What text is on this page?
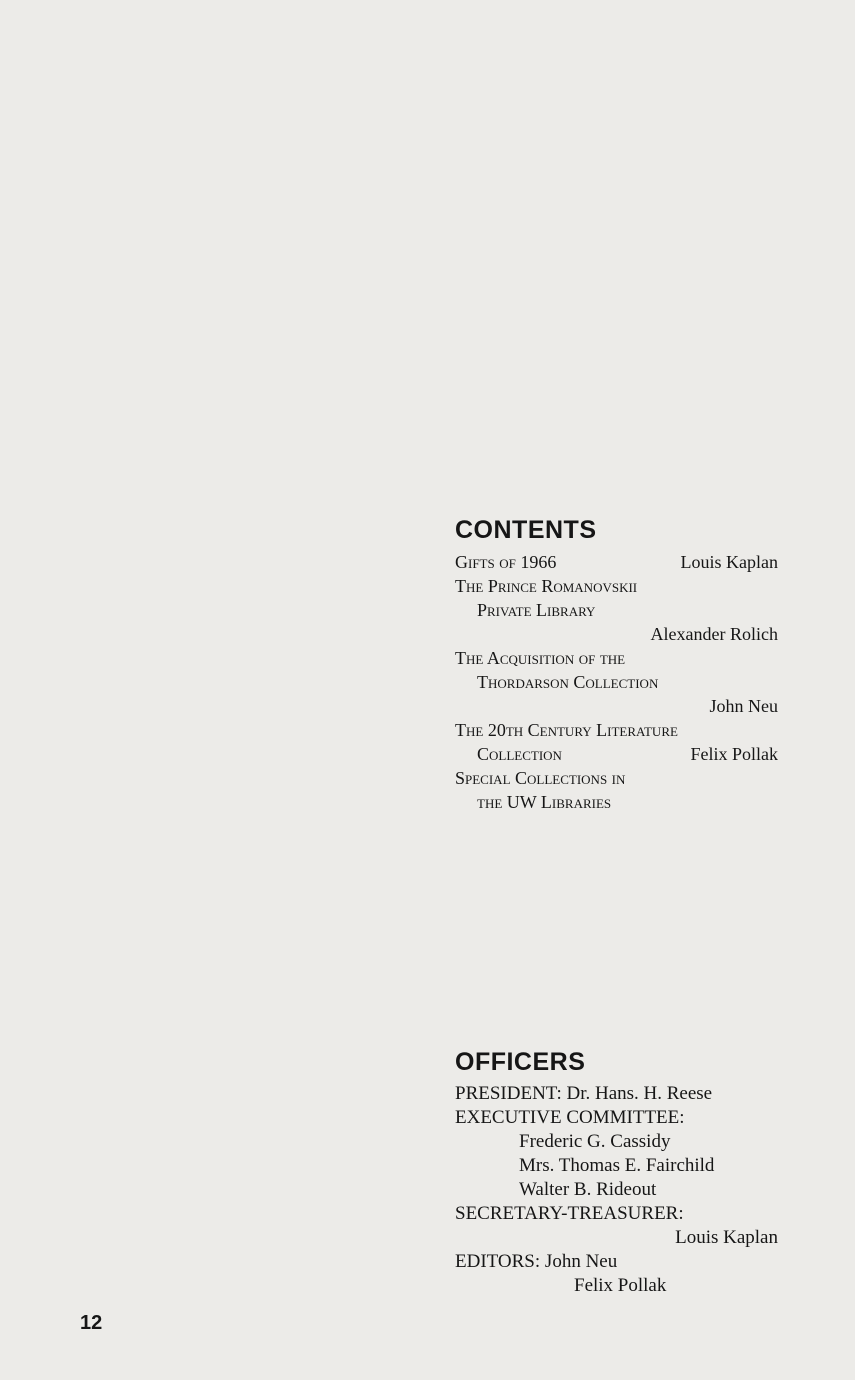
CONTENTS
Gifts of 1966	Louis Kaplan
The Prince Romanovskii
Private Library
Alexander Rolich
The Acquisition of the
Thordarson Collection
John Neu
The 20th Century Literature
Collection	Felix Pollak
Special Collections in
the UW Libraries
OFFICERS
PRESIDENT: Dr. Hans. H. Reese
EXECUTIVE COMMITTEE:
Frederic G. Cassidy
Mrs. Thomas E. Fairchild
Walter B. Rideout
SECRETARY-TREASURER:
Louis Kaplan
EDITORS: John Neu
Felix Pollak
12
